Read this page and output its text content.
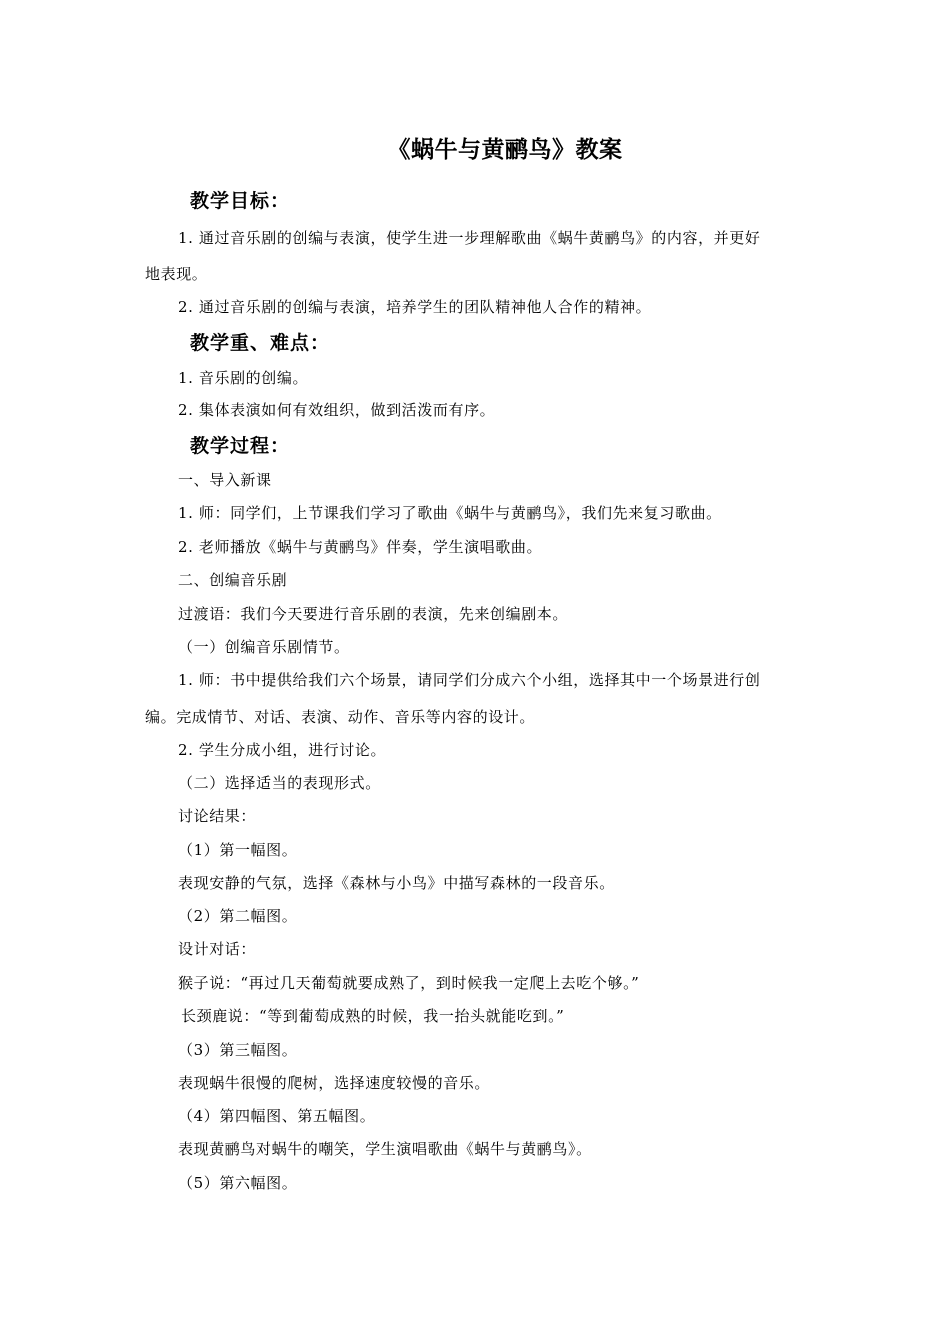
《蜗牛与黄鹂鸟》教案
教学目标：
1. 通过音乐剧的创编与表演，使学生进一步理解歌曲《蜗牛黄鹂鸟》的内容，并更好
地表现。
2. 通过音乐剧的创编与表演，培养学生的团队精神他人合作的精神。
教学重、难点：
1. 音乐剧的创编。
2. 集体表演如何有效组织，做到活泼而有序。
教学过程：
一、导入新课
1. 师：同学们，上节课我们学习了歌曲《蜗牛与黄鹂鸟》，我们先来复习歌曲。
2. 老师播放《蜗牛与黄鹂鸟》伴奏，学生演唱歌曲。
二、创编音乐剧
过渡语：我们今天要进行音乐剧的表演，先来创编剧本。
（一）创编音乐剧情节。
1. 师：书中提供给我们六个场景，请同学们分成六个小组，选择其中一个场景进行创
编。完成情节、对话、表演、动作、音乐等内容的设计。
2. 学生分成小组，进行讨论。
（二）选择适当的表现形式。
讨论结果：
（1）第一幅图。
表现安静的气氛，选择《森林与小鸟》中描写森林的一段音乐。
（2）第二幅图。
设计对话：
猴子说：“再过几天葡萄就要成熟了，到时候我一定爬上去吃个够。”
长颈鹿说：“等到葡萄成熟的时候，我一抬头就能吃到。”
（3）第三幅图。
表现蜗牛很慢的爬树，选择速度较慢的音乐。
（4）第四幅图、第五幅图。
表现黄鹂鸟对蜗牛的嘲笑，学生演唱歌曲《蜗牛与黄鹂鸟》。
（5）第六幅图。
